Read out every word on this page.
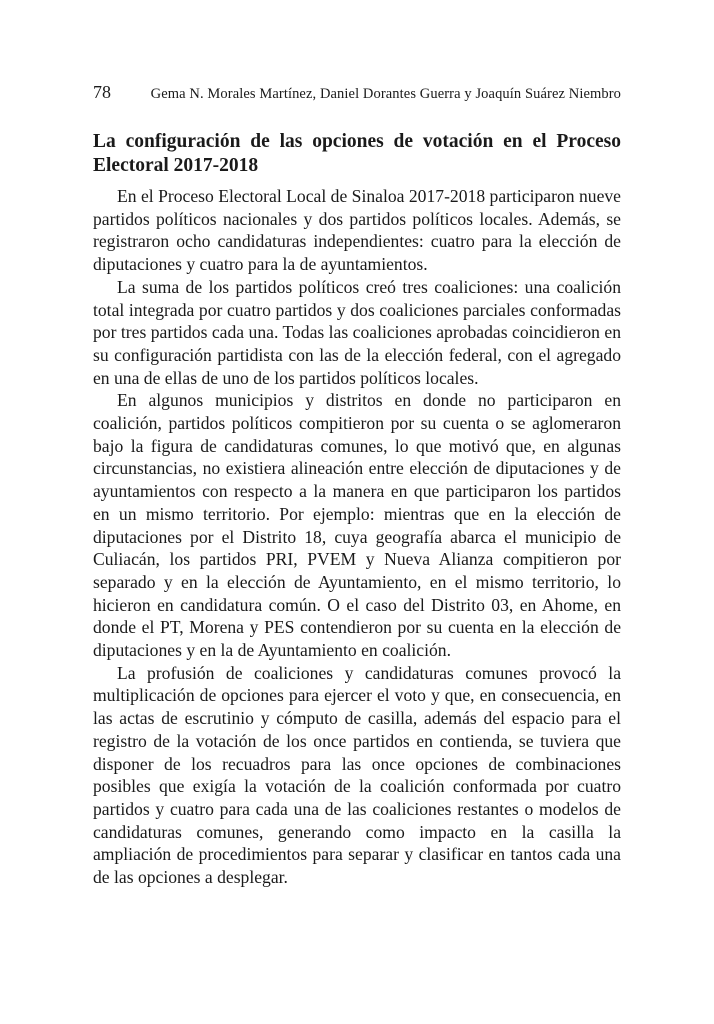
78	Gema N. Morales Martínez, Daniel Dorantes Guerra y Joaquín Suárez Niembro
La configuración de las opciones de votación en el Proceso Electoral 2017-2018

En el Proceso Electoral Local de Sinaloa 2017-2018 participaron nueve partidos políticos nacionales y dos partidos políticos locales. Además, se registraron ocho candidaturas independientes: cuatro para la elección de diputaciones y cuatro para la de ayuntamientos.

La suma de los partidos políticos creó tres coaliciones: una coalición total integrada por cuatro partidos y dos coaliciones parciales conformadas por tres partidos cada una. Todas las coaliciones aprobadas coincidieron en su configuración partidista con las de la elección federal, con el agregado en una de ellas de uno de los partidos políticos locales.

En algunos municipios y distritos en donde no participaron en coalición, partidos políticos compitieron por su cuenta o se aglomeraron bajo la figura de candidaturas comunes, lo que motivó que, en algunas circunstancias, no existiera alineación entre elección de diputaciones y de ayuntamientos con respecto a la manera en que participaron los partidos en un mismo territorio. Por ejemplo: mientras que en la elección de diputaciones por el Distrito 18, cuya geografía abarca el municipio de Culiacán, los partidos PRI, PVEM y Nueva Alianza compitieron por separado y en la elección de Ayuntamiento, en el mismo territorio, lo hicieron en candidatura común. O el caso del Distrito 03, en Ahome, en donde el PT, Morena y PES contendieron por su cuenta en la elección de diputaciones y en la de Ayuntamiento en coalición.

La profusión de coaliciones y candidaturas comunes provocó la multiplicación de opciones para ejercer el voto y que, en consecuencia, en las actas de escrutinio y cómputo de casilla, además del espacio para el registro de la votación de los once partidos en contienda, se tuviera que disponer de los recuadros para las once opciones de combinaciones posibles que exigía la votación de la coalición conformada por cuatro partidos y cuatro para cada una de las coaliciones restantes o modelos de candidaturas comunes, generando como impacto en la casilla la ampliación de procedimientos para separar y clasificar en tantos cada una de las opciones a desplegar.
